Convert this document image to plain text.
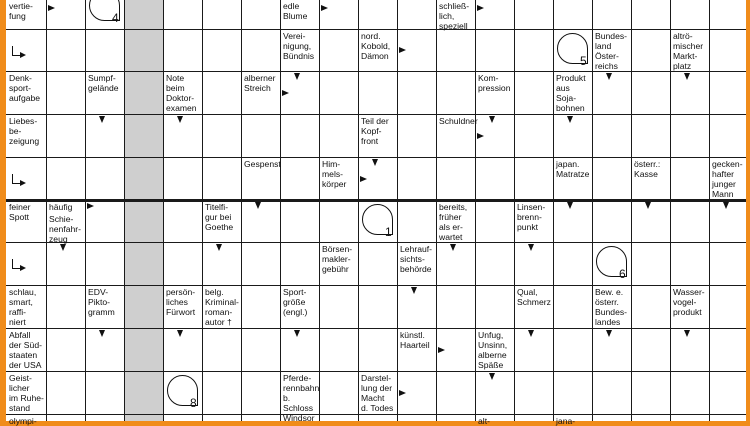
vertie-
fung
edle
Blume
schließ-
lich,
speziell
Verei-
nigung,
Bündnis
nord.
Kobold,
Dämon
Bundes-
land
Öster-
reichs
altrö-
mischer
Markt-
platz
Denk-
sport-
aufgabe
Sumpf-
gelände
Note
beim
Doktor-
examen
alberner
Streich
Kom-
pression
Produkt
aus
Soja-
bohnen
Liebes-
be-
zeigung
Teil der
Kopf-
front
Schuldner
Gespenst	Him-
mels-
körper
japan.
Matratze
österr.:
Kasse
gecken-
hafter
junger
Mann
feiner
Spott
häufig
Schie-
nenfahr-
zeug
Titelfi-
gur bei
Goethe
bereits,
früher
als er-
wartet
Linsen-
brenn-
punkt
Börsen-
makler-
gebühr
Lehrauf-
sichts-
behörde
schlau,
smart,
raffi-
niert
EDV-
Pikto-
gramm
persön-
liches
Fürwort
belg.
Kriminal-
roman-
autor †
Sport-
größe
(engl.)
Qual,
Schmerz
Bew. e.
österr.
Bundes-
landes
Wasser-
vogel-
produkt
Abfall
der Süd-
staaten
der USA
künstl.
Haarteil
Unfug,
Unsinn,
alberne
Späße
Geist-
licher
im Ruhe-
stand
Pferde-
rennbahn
b. Schloss
Windsor
Darstel-
lung der
Macht
d. Todes
olympi-	alt-	jana-
4
5
1
6
8
